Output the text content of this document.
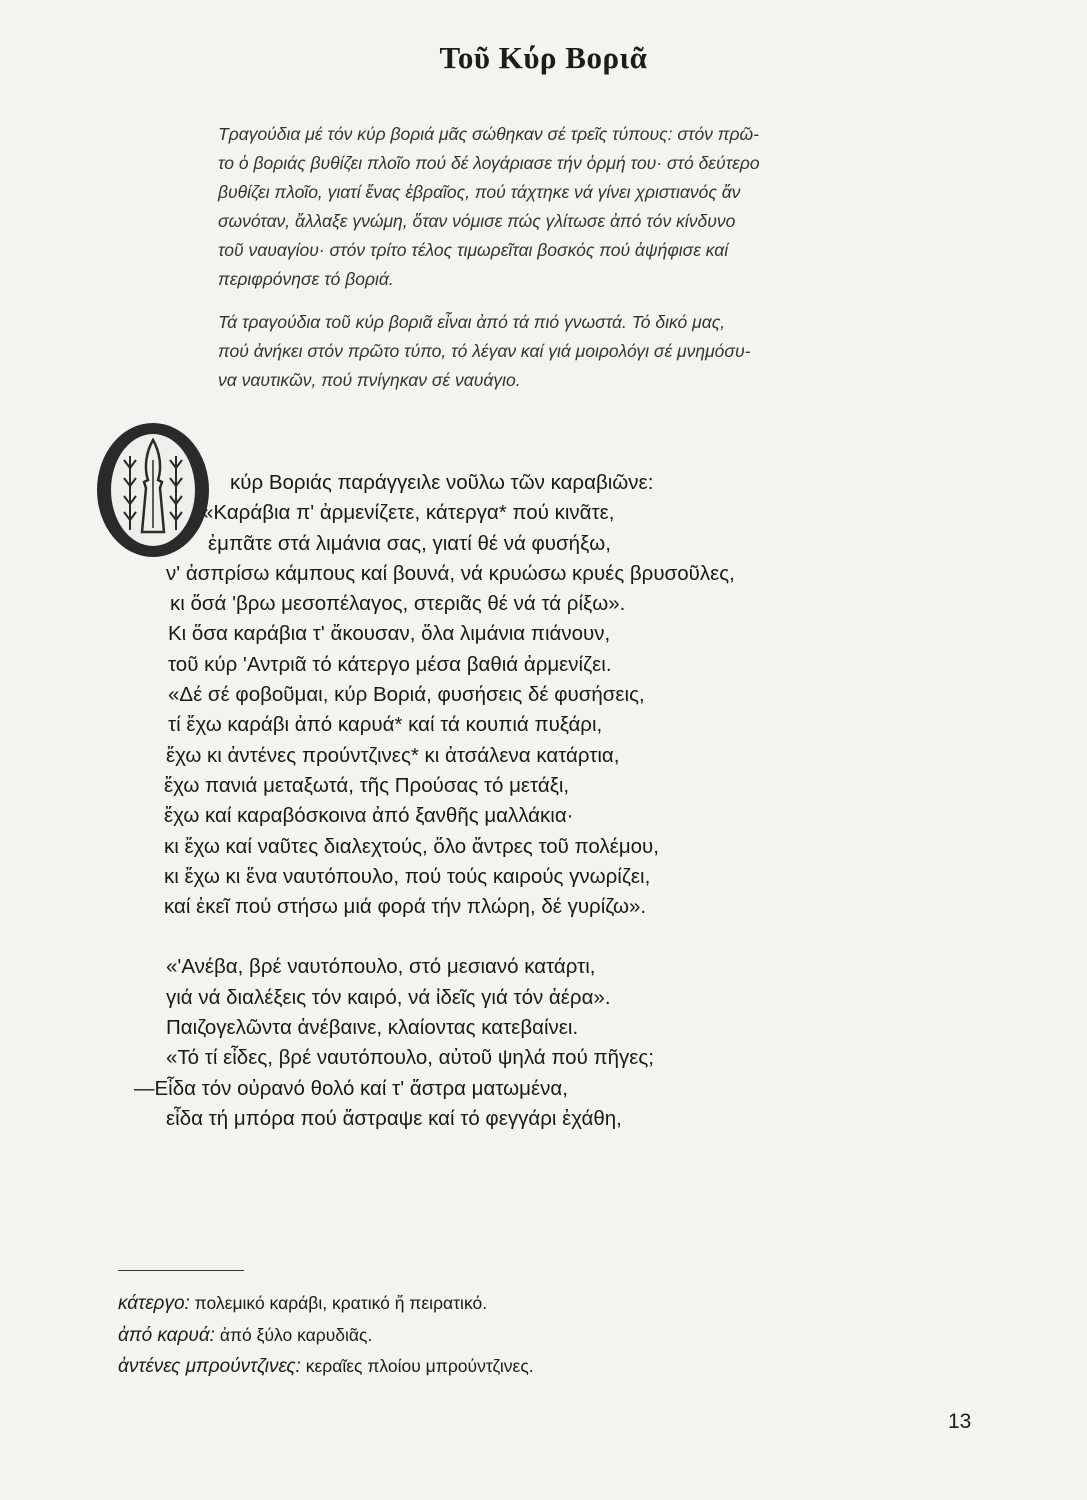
Τοῦ Κύρ Βοριᾶ

Τραγούδια μέ τόν κύρ βοριά μᾶς σώθηκαν σέ τρεῖς τύπους: στόν πρῶ-
το ὁ βοριάς βυθίζει πλοῖο πού δέ λογάριασε τήν ὁρμή του· στό δεύτερο
βυθίζει πλοῖο, γιατί ἕνας ἑβραῖος, πού τάχτηκε νά γίνει χριστιανός ἄν
σωνόταν, ἄλλαξε γνώμη, ὅταν νόμισε πώς γλίτωσε ἀπό τόν κίνδυνο
τοῦ ναυαγίου· στόν τρίτο τέλος τιμωρεῖται βοσκός πού ἀψήφισε καί
περιφρόνησε τό βοριά.

Τά τραγούδια τοῦ κύρ βοριᾶ εἶναι ἀπό τά πιό γνωστά. Τό δικό μας,
πού ἀνήκει στόν πρῶτο τύπο, τό λέγαν καί γιά μοιρολόγι σέ μνημόσυ-
να ναυτικῶν, πού πνίγηκαν σέ ναυάγιο.

κύρ Βοριάς παράγγειλε νοῦλω τῶν καραβιῶνε:
«Καράβια π' ἀρμενίζετε, κάτεργα* πού κινᾶτε,
ἐμπᾶτε στά λιμάνια σας, γιατί θέ νά φυσήξω,
ν' ἀσπρίσω κάμπους καί βουνά, νά κρυώσω κρυές βρυσοῦλες,
κι ὅσά 'βρω μεσοπέλαγος, στεριᾶς θέ νά τά ρίξω».
Κι ὅσα καράβια τ' ἄκουσαν, ὅλα λιμάνια πιάνουν,
τοῦ κύρ 'Αντριᾶ τό κάτεργο μέσα βαθιά ἀρμενίζει.
«Δέ σέ φοβοῦμαι, κύρ Βοριά, φυσήσεις δέ φυσήσεις,
τί ἔχω καράβι ἀπό καρυά* καί τά κουπιά πυξάρι,
ἔχω κι ἀντένες προύντζινες* κι ἀτσάλενα κατάρτια,
ἔχω πανιά μεταξωτά, τῆς Προύσας τό μετάξι,
ἔχω καί καραβόσκοινα ἀπό ξανθῆς μαλλάκια·
κι ἔχω καί ναῦτες διαλεχτούς, ὅλο ἄντρες τοῦ πολέμου,
κι ἔχω κι ἕνα ναυτόπουλο, πού τούς καιρούς γνωρίζει,
καί ἐκεῖ πού στήσω μιά φορά τήν πλώρη, δέ γυρίζω».
«'Ανέβα, βρέ ναυτόπουλο, στό μεσιανό κατάρτι,
γιά νά διαλέξεις τόν καιρό, νά ἰδεῖς γιά τόν ἀέρα».
Παιζογελῶντα ἀνέβαινε, κλαίοντας κατεβαίνει.
«Τό τί εἶδες, βρέ ναυτόπουλο, αὐτοῦ ψηλά πού πῆγες;
—Εἶδα τόν οὐρανό θολό καί τ' ἄστρα ματωμένα,
εἶδα τή μπόρα πού ἄστραψε καί τό φεγγάρι ἐχάθη,
κάτεργο: πολεμικό καράβι, κρατικό ἤ πειρατικό.
ἀπό καρυά: ἀπό ξύλο καρυδιᾶς.
ἀντένες μπρούντζινες: κεραῖες πλοίου μπρούντζινες.
13
